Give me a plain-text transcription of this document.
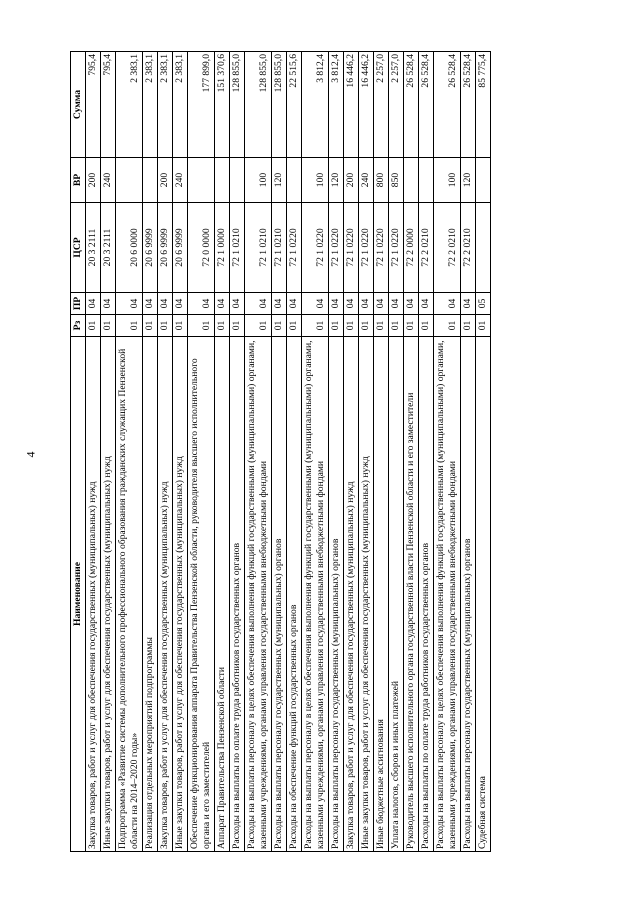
4
Наименование	Рз	ПР	ЦСР	ВР	Сумма
Закупка товаров, работ и услуг для обеспечения государственных (муниципальных) нужд	01	04	20 3 2111	200	795,4
Иные закупки товаров, работ и услуг для обеспечения государственных (муниципальных) нужд	01	04	20 3 2111	240	795,4
Подпрограмма «Развитие системы дополнительного профессионального образования гражданских служащих Пензенской области на 2014–2020 годы»	01	04	20 6 0000		2 383,1
Реализация отдельных мероприятий подпрограммы	01	04	20 6 9999		2 383,1
Закупка товаров, работ и услуг для обеспечения государственных (муниципальных) нужд	01	04	20 6 9999	200	2 383,1
Иные закупки товаров, работ и услуг для обеспечения государственных (муниципальных) нужд	01	04	20 6 9999	240	2 383,1
Обеспечение функционирования аппарата Правительства Пензенской области, руководителя высшего исполнительного органа и его заместителей	01	04	72 0 0000		177 899,0
Аппарат Правительства Пензенской области	01	04	72 1 0000		151 370,6
Расходы на выплаты по оплате труда работников государственных органов	01	04	72 1 0210		128 855,0
Расходы на выплаты персоналу в целях обеспечения выполнения функций государственными (муниципальными) органами, казенными учреждениями, органами управления государственными внебюджетными фондами	01	04	72 1 0210	100	128 855,0
Расходы на выплаты персоналу государственных (муниципальных) органов	01	04	72 1 0210	120	128 855,0
Расходы на обеспечение функций государственных органов	01	04	72 1 0220		22 515,6
Расходы на выплаты персоналу в целях обеспечения выполнения функций государственными (муниципальными) органами, казенными учреждениями, органами управления государственными внебюджетными фондами	01	04	72 1 0220	100	3 812,4
Расходы на выплаты персоналу государственных (муниципальных) органов	01	04	72 1 0220	120	3 812,4
Закупка товаров, работ и услуг для обеспечения государственных (муниципальных) нужд	01	04	72 1 0220	200	16 446,2
Иные закупки товаров, работ и услуг для обеспечения государственных (муниципальных) нужд	01	04	72 1 0220	240	16 446,2
Иные бюджетные ассигнования	01	04	72 1 0220	800	2 257,0
Уплата налогов, сборов и иных платежей	01	04	72 1 0220	850	2 257,0
Руководитель высшего исполнительного органа государственной власти Пензенской области и его заместители	01	04	72 2 0000		26 528,4
Расходы на выплаты по оплате труда работников государственных органов	01	04	72 2 0210		26 528,4
Расходы на выплаты персоналу в целях обеспечения выполнения функций государственными (муниципальными) органами, казенными учреждениями, органами управления государственными внебюджетными фондами	01	04	72 2 0210	100	26 528,4
Расходы на выплаты персоналу государственных (муниципальных) органов	01	04	72 2 0210	120	26 528,4
Судебная система	01	05			85 775,4
